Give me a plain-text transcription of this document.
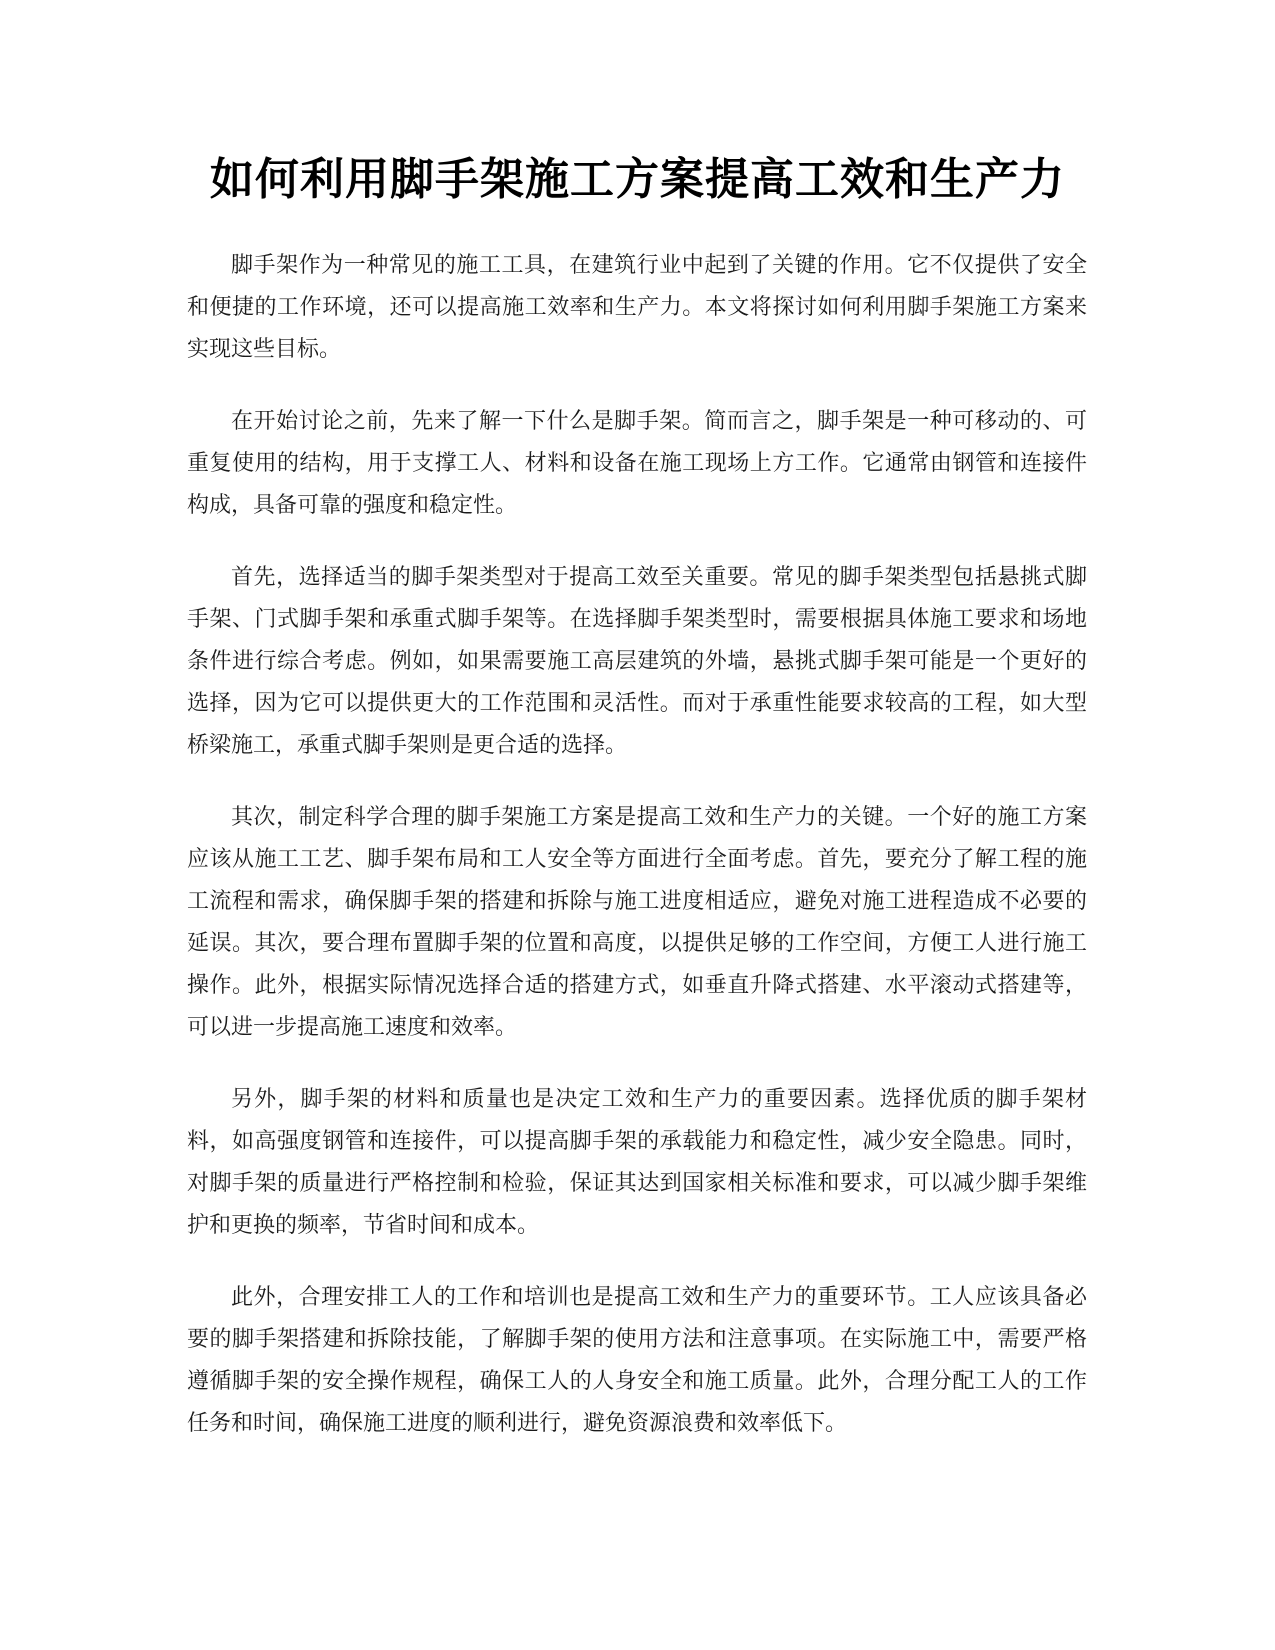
如何利用脚手架施工方案提高工效和生产力

脚手架作为一种常见的施工工具，在建筑行业中起到了关键的作用。它不仅提供了安全和便捷的工作环境，还可以提高施工效率和生产力。本文将探讨如何利用脚手架施工方案来实现这些目标。

在开始讨论之前，先来了解一下什么是脚手架。简而言之，脚手架是一种可移动的、可重复使用的结构，用于支撑工人、材料和设备在施工现场上方工作。它通常由钢管和连接件构成，具备可靠的强度和稳定性。

首先，选择适当的脚手架类型对于提高工效至关重要。常见的脚手架类型包括悬挑式脚手架、门式脚手架和承重式脚手架等。在选择脚手架类型时，需要根据具体施工要求和场地条件进行综合考虑。例如，如果需要施工高层建筑的外墙，悬挑式脚手架可能是一个更好的选择，因为它可以提供更大的工作范围和灵活性。而对于承重性能要求较高的工程，如大型桥梁施工，承重式脚手架则是更合适的选择。

其次，制定科学合理的脚手架施工方案是提高工效和生产力的关键。一个好的施工方案应该从施工工艺、脚手架布局和工人安全等方面进行全面考虑。首先，要充分了解工程的施工流程和需求，确保脚手架的搭建和拆除与施工进度相适应，避免对施工进程造成不必要的延误。其次，要合理布置脚手架的位置和高度，以提供足够的工作空间，方便工人进行施工操作。此外，根据实际情况选择合适的搭建方式，如垂直升降式搭建、水平滚动式搭建等，可以进一步提高施工速度和效率。

另外，脚手架的材料和质量也是决定工效和生产力的重要因素。选择优质的脚手架材料，如高强度钢管和连接件，可以提高脚手架的承载能力和稳定性，减少安全隐患。同时，对脚手架的质量进行严格控制和检验，保证其达到国家相关标准和要求，可以减少脚手架维护和更换的频率，节省时间和成本。

此外，合理安排工人的工作和培训也是提高工效和生产力的重要环节。工人应该具备必要的脚手架搭建和拆除技能，了解脚手架的使用方法和注意事项。在实际施工中，需要严格遵循脚手架的安全操作规程，确保工人的人身安全和施工质量。此外，合理分配工人的工作任务和时间，确保施工进度的顺利进行，避免资源浪费和效率低下。
